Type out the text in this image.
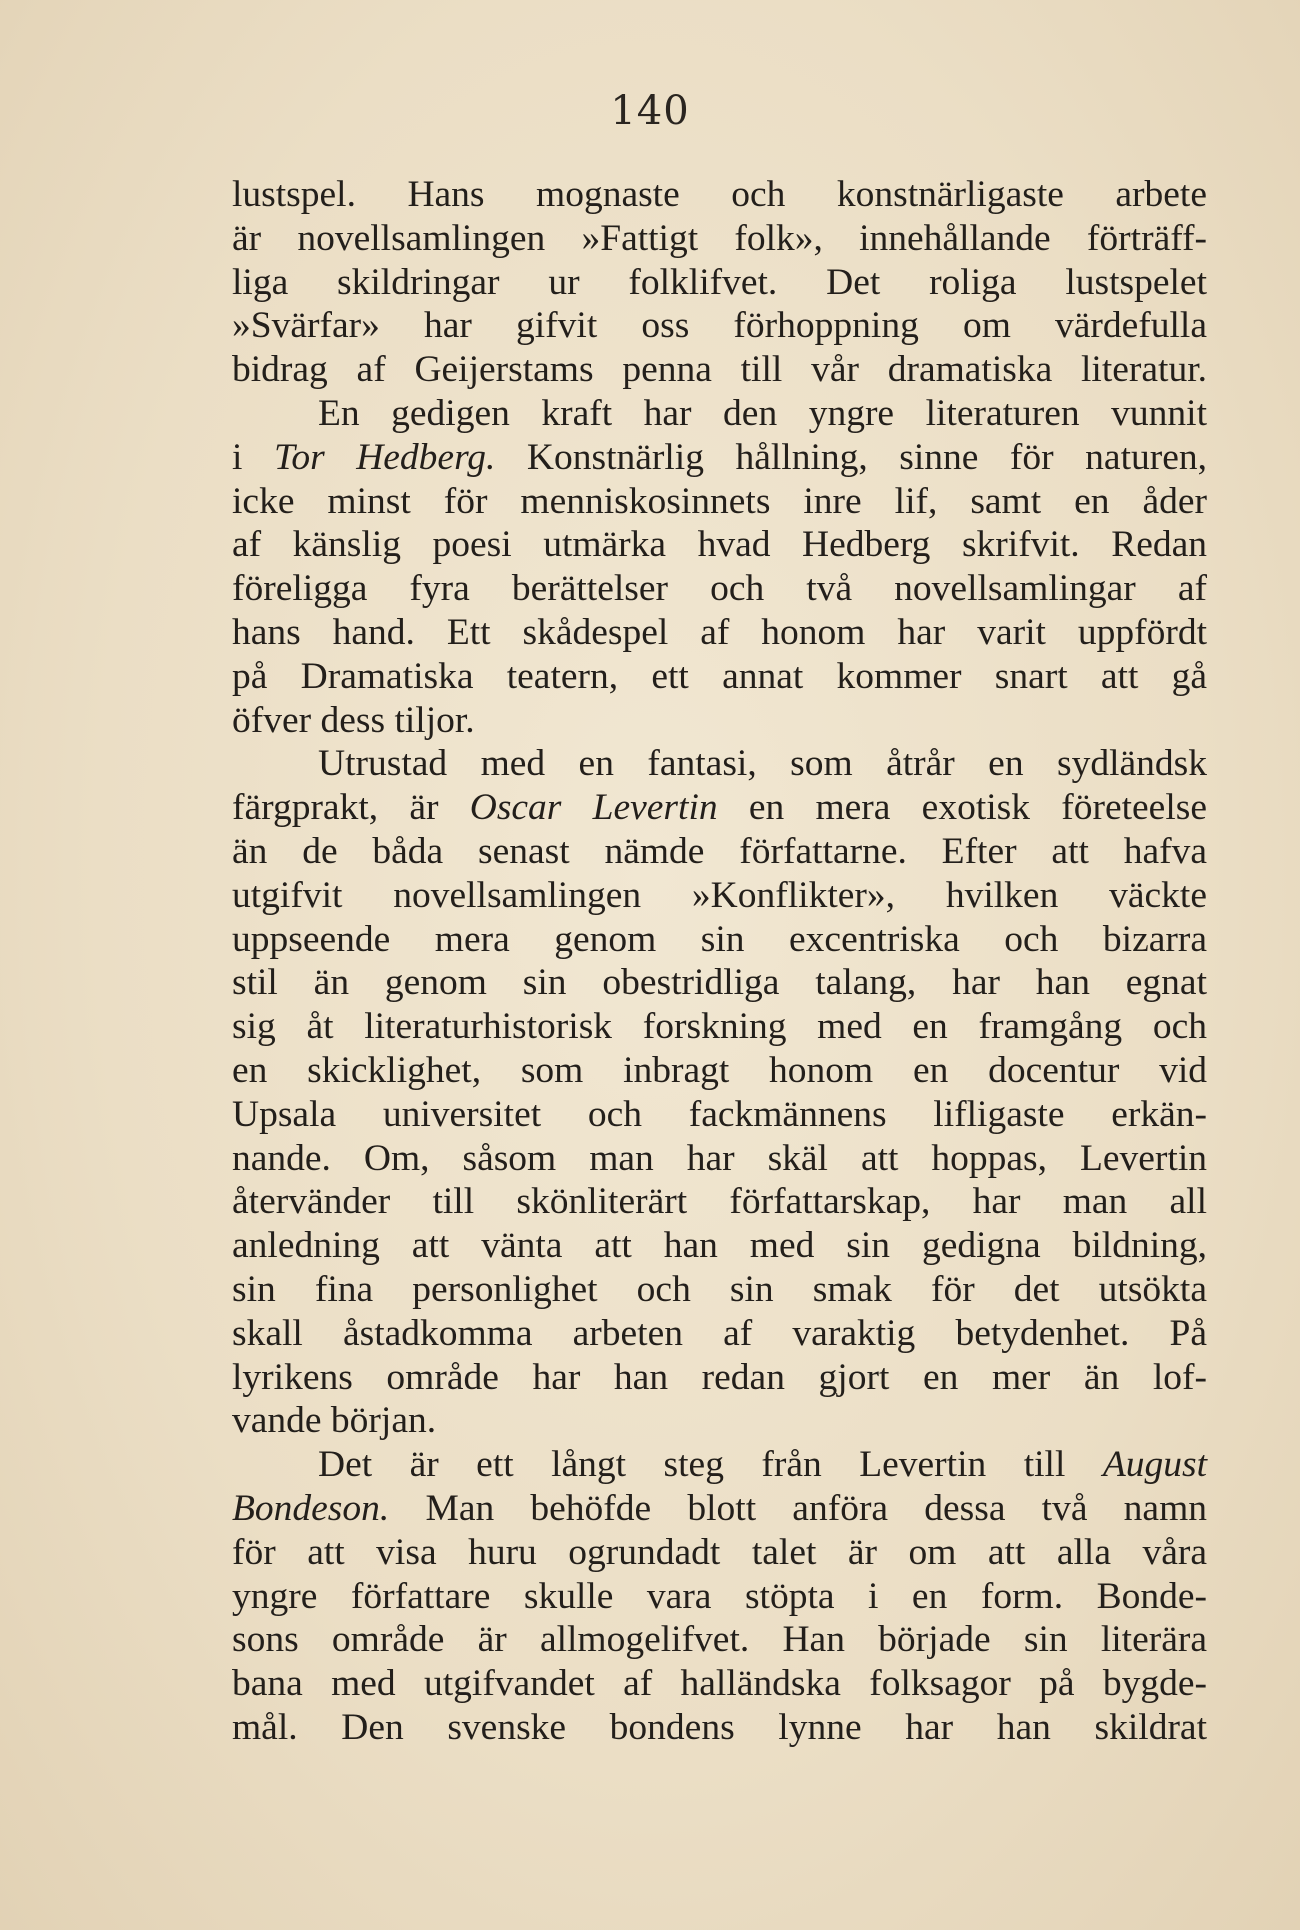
140
lustspel. Hans mognaste och konstnärligaste arbete
är novellsamlingen »Fattigt folk», innehållande förträff-
liga skildringar ur folklifvet. Det roliga lustspelet
»Svärfar» har gifvit oss förhoppning om värdefulla
bidrag af Geijerstams penna till vår dramatiska literatur.
En gedigen kraft har den yngre literaturen vunnit
i Tor Hedberg. Konstnärlig hållning, sinne för naturen,
icke minst för menniskosinnets inre lif, samt en åder
af känslig poesi utmärka hvad Hedberg skrifvit. Redan
föreligga fyra berättelser och två novellsamlingar af
hans hand. Ett skådespel af honom har varit uppfördt
på Dramatiska teatern, ett annat kommer snart att gå
öfver dess tiljor.
Utrustad med en fantasi, som åtrår en sydländsk
färgprakt, är Oscar Levertin en mera exotisk företeelse
än de båda senast nämde författarne. Efter att hafva
utgifvit novellsamlingen »Konflikter», hvilken väckte
uppseende mera genom sin excentriska och bizarra
stil än genom sin obestridliga talang, har han egnat
sig åt literaturhistorisk forskning med en framgång och
en skicklighet, som inbragt honom en docentur vid
Upsala universitet och fackmännens lifligaste erkän-
nande. Om, såsom man har skäl att hoppas, Levertin
återvänder till skönliterärt författarskap, har man all
anledning att vänta att han med sin gedigna bildning,
sin fina personlighet och sin smak för det utsökta
skall åstadkomma arbeten af varaktig betydenhet. På
lyrikens område har han redan gjort en mer än lof-
vande början.
Det är ett långt steg från Levertin till August
Bondeson. Man behöfde blott anföra dessa två namn
för att visa huru ogrundadt talet är om att alla våra
yngre författare skulle vara stöpta i en form. Bonde-
sons område är allmogelifvet. Han började sin literära
bana med utgifvandet af halländska folksagor på bygde-
mål. Den svenske bondens lynne har han skildrat
